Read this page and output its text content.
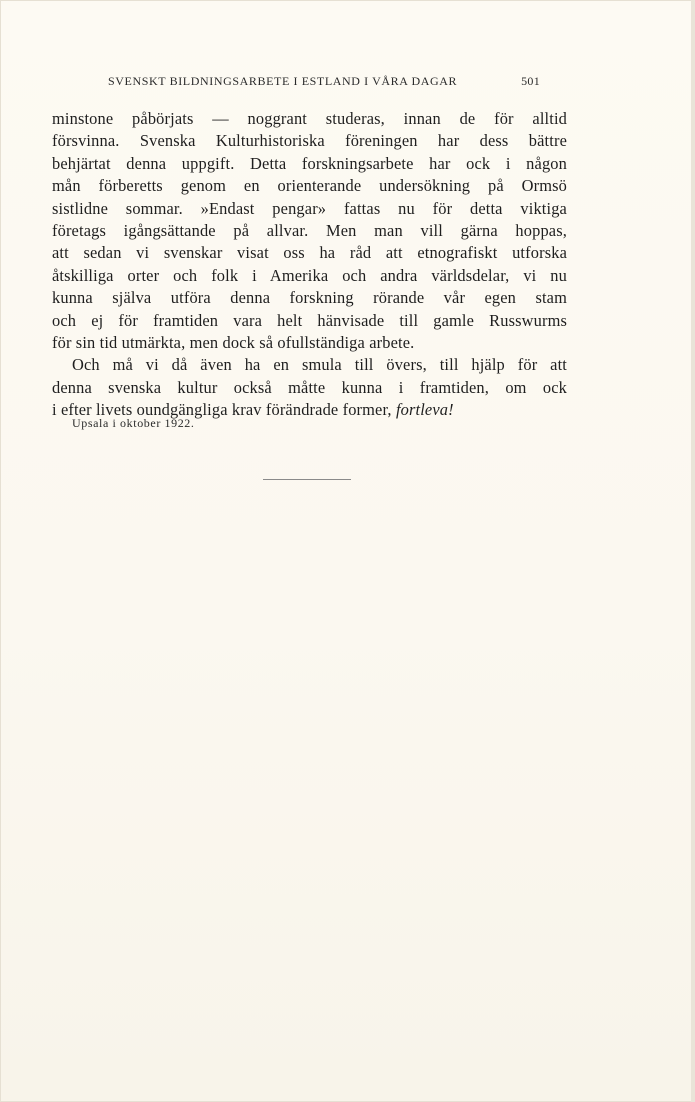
SVENSKT BILDNINGSARBETE I ESTLAND I VÅRA DAGAR	501
minstone påbörjats — noggrant studeras, innan de för alltid
försvinna. Svenska Kulturhistoriska föreningen har dess bättre
behjärtat denna uppgift. Detta forskningsarbete har ock i någon
mån förberetts genom en orienterande undersökning på Ormsö
sistlidne sommar. »Endast pengar» fattas nu för detta viktiga
företags igångsättande på allvar. Men man vill gärna hoppas,
att sedan vi svenskar visat oss ha råd att etnografiskt utforska
åtskilliga orter och folk i Amerika och andra världsdelar, vi nu
kunna själva utföra denna forskning rörande vår egen stam
och ej för framtiden vara helt hänvisade till gamle Russwurms
för sin tid utmärkta, men dock så ofullständiga arbete.
Och må vi då även ha en smula till övers, till hjälp för att
denna svenska kultur också måtte kunna i framtiden, om ock
i efter livets oundgängliga krav förändrade former, fortleva!
Upsala i oktober 1922.
